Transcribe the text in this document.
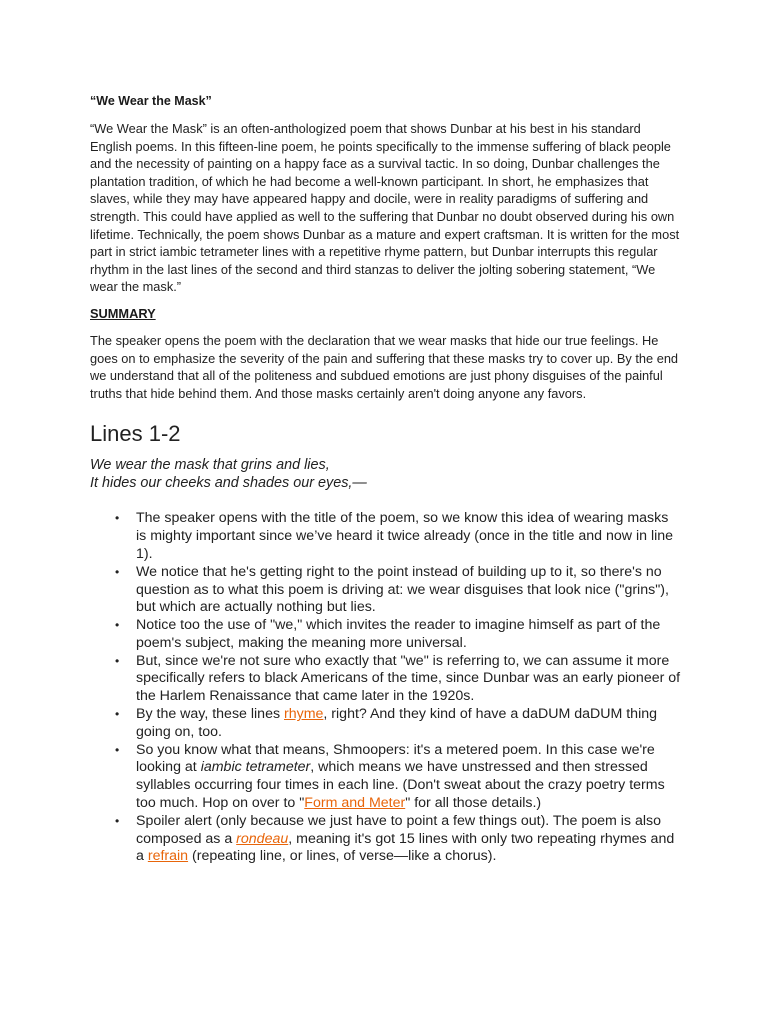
“We Wear the Mask”

“We Wear the Mask” is an often-anthologized poem that shows Dunbar at his best in his standard English poems. In this fifteen-line poem, he points specifically to the immense suffering of black people and the necessity of painting on a happy face as a survival tactic. In so doing, Dunbar challenges the plantation tradition, of which he had become a well-known participant. In short, he emphasizes that slaves, while they may have appeared happy and docile, were in reality paradigms of suffering and strength. This could have applied as well to the suffering that Dunbar no doubt observed during his own lifetime. Technically, the poem shows Dunbar as a mature and expert craftsman. It is written for the most part in strict iambic tetrameter lines with a repetitive rhyme pattern, but Dunbar interrupts this regular rhythm in the last lines of the second and third stanzas to deliver the jolting sobering statement, “We wear the mask.”

SUMMARY

The speaker opens the poem with the declaration that we wear masks that hide our true feelings. He goes on to emphasize the severity of the pain and suffering that these masks try to cover up. By the end we understand that all of the politeness and subdued emotions are just phony disguises of the painful truths that hide behind them. And those masks certainly aren't doing anyone any favors.

Lines 1-2
We wear the mask that grins and lies,
It hides our cheeks and shades our eyes,—
• The speaker opens with the title of the poem, so we know this idea of wearing masks is mighty important since we’ve heard it twice already (once in the title and now in line 1).
• We notice that he's getting right to the point instead of building up to it, so there's no question as to what this poem is driving at: we wear disguises that look nice ("grins"), but which are actually nothing but lies.
• Notice too the use of "we," which invites the reader to imagine himself as part of the poem's subject, making the meaning more universal.
• But, since we're not sure who exactly that "we" is referring to, we can assume it more specifically refers to black Americans of the time, since Dunbar was an early pioneer of the Harlem Renaissance that came later in the 1920s.
• By the way, these lines rhyme, right? And they kind of have a daDUM daDUM thing going on, too.
• So you know what that means, Shmoopers: it's a metered poem. In this case we're looking at iambic tetrameter, which means we have unstressed and then stressed syllables occurring four times in each line. (Don't sweat about the crazy poetry terms too much. Hop on over to "Form and Meter" for all those details.)
• Spoiler alert (only because we just have to point a few things out). The poem is also composed as a rondeau, meaning it's got 15 lines with only two repeating rhymes and a refrain (repeating line, or lines, of verse—like a chorus).
